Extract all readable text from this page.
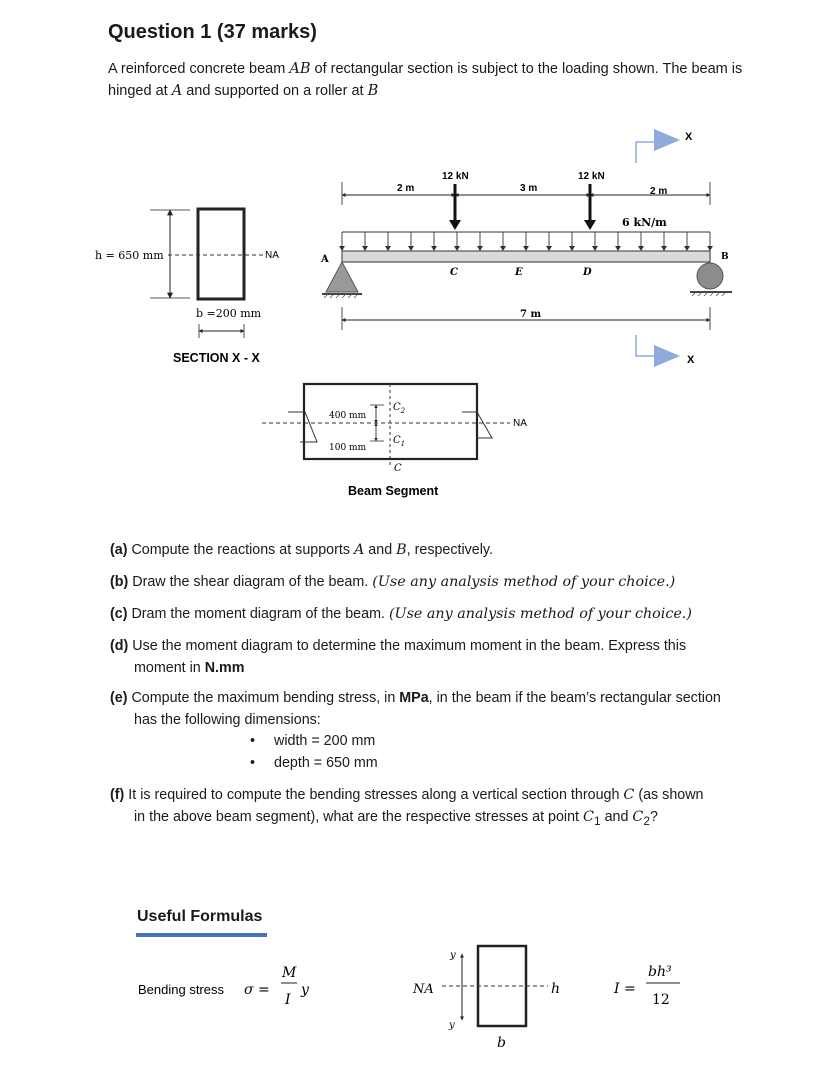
Question 1 (37 marks)
A reinforced concrete beam AB of rectangular section is subject to the loading shown. The beam is hinged at A and supported on a roller at B
h = 650 mm	NA
b =200 mm
SECTION X - X
2 m	3 m	2 m
12 kN	12 kN
6 kN/m
A	B
C	E	D
7 m
X
X
400 mm
100 mm
$C_2$
$C_1$
C
NA
Beam Segment
y
y
NA	h
b
Bending stress σ =
M
I
y	I =
bh³
12
(a) Compute the reactions at supports A and B, respectively.
(b) Draw the shear diagram of the beam. (Use any analysis method of your choice.)
(c) Dram the moment diagram of the beam. (Use any analysis method of your choice.)
(d) Use the moment diagram to determine the maximum moment in the beam. Express this
moment in N.mm
(e) Compute the maximum bending stress, in MPa, in the beam if the beam’s rectangular section
has the following dimensions:
• width = 200 mm
• depth = 650 mm
(f) It is required to compute the bending stresses along a vertical section through C (as shown
in the above beam segment), what are the respective stresses at point $C_1$ and $C_2$?
Useful Formulas
